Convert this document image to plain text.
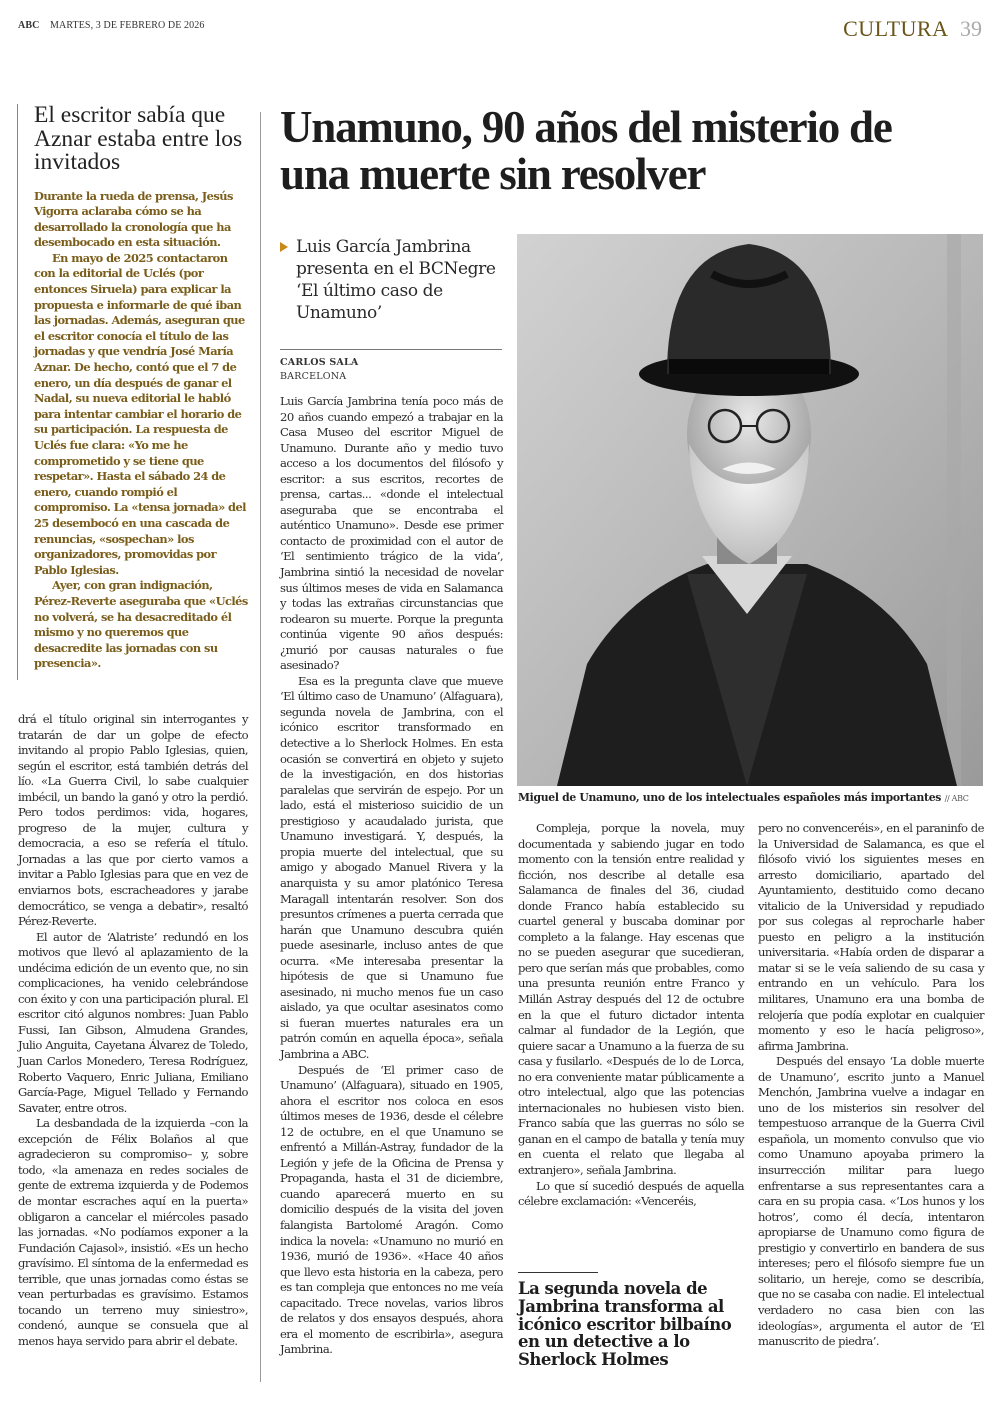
ABC MARTES, 3 DE FEBRERO DE 2026	CULTURA 39
El escritor sabía que Aznar estaba entre los invitados

Durante la rueda de prensa, Jesús Vigorra aclaraba cómo se ha desarrollado la cronología que ha desembocado en esta situación.

En mayo de 2025 contactaron con la editorial de Uclés (por entonces Siruela) para explicar la propuesta e informarle de qué iban las jornadas. Además, aseguran que el escritor conocía el título de las jornadas y que vendría José María Aznar. De hecho, contó que el 7 de enero, un día después de ganar el Nadal, su nueva editorial le habló para intentar cambiar el horario de su participación. La respuesta de Uclés fue clara: «Yo me he comprometido y se tiene que respetar». Hasta el sábado 24 de enero, cuando rompió el compromiso. La «tensa jornada» del 25 desembocó en una cascada de renuncias, «sospechan» los organizadores, promovidas por Pablo Iglesias.

Ayer, con gran indignación, Pérez-Reverte aseguraba que «Uclés no volverá, se ha desacreditado él mismo y no queremos que desacredite las jornadas con su presencia».

drá el título original sin interrogantes y tratarán de dar un golpe de efecto invitando al propio Pablo Iglesias, quien, según el escritor, está también detrás del lío. «La Guerra Civil, lo sabe cualquier imbécil, un bando la ganó y otro la perdió. Pero todos perdimos: vida, hogares, progreso de la mujer, cultura y democracia, a eso se refería el título. Jornadas a las que por cierto vamos a invitar a Pablo Iglesias para que en vez de enviarnos bots, escracheadores y jarabe democrático, se venga a debatir», resaltó Pérez-Reverte.

El autor de ‘Alatriste’ redundó en los motivos que llevó al aplazamiento de la undécima edición de un evento que, no sin complicaciones, ha venido celebrándose con éxito y con una participación plural. El escritor citó algunos nombres: Juan Pablo Fussi, Ian Gibson, Almudena Grandes, Julio Anguita, Cayetana Álvarez de Toledo, Juan Carlos Monedero, Teresa Rodríguez, Roberto Vaquero, Enric Juliana, Emiliano García-Page, Miguel Tellado y Fernando Savater, entre otros.

La desbandada de la izquierda –con la excepción de Félix Bolaños al que agradecieron su compromiso– y, sobre todo, «la amenaza en redes sociales de gente de extrema izquierda y de Podemos de montar escraches aquí en la puerta» obligaron a cancelar el miércoles pasado las jornadas. «No podíamos exponer a la Fundación Cajasol», insistió. «Es un hecho gravísimo. El síntoma de la enfermedad es terrible, que unas jornadas como éstas se vean perturbadas es gravísimo. Estamos tocando un terreno muy siniestro», condenó, aunque se consuela que al menos haya servido para abrir el debate.

Unamuno, 90 años del misterio de una muerte sin resolver
Luis García Jambrina presenta en el BCNegre ‘El último caso de Unamuno’
CARLOS SALA
BARCELONA

Luis García Jambrina tenía poco más de 20 años cuando empezó a trabajar en la Casa Museo del escritor Miguel de Unamuno. Durante año y medio tuvo acceso a los documentos del filósofo y escritor: a sus escritos, recortes de prensa, cartas... «donde el intelectual aseguraba que se encontraba el auténtico Unamuno». Desde ese primer contacto de proximidad con el autor de ‘El sentimiento trágico de la vida’, Jambrina sintió la necesidad de novelar sus últimos meses de vida en Salamanca y todas las extrañas circunstancias que rodearon su muerte. Porque la pregunta continúa vigente 90 años después: ¿murió por causas naturales o fue asesinado?

Esa es la pregunta clave que mueve ‘El último caso de Unamuno’ (Alfaguara), segunda novela de Jambrina, con el icónico escritor transformado en detective a lo Sherlock Holmes. En esta ocasión se convertirá en objeto y sujeto de la investigación, en dos historias paralelas que servirán de espejo. Por un lado, está el misterioso suicidio de un prestigioso y acaudalado jurista, que Unamuno investigará. Y, después, la propia muerte del intelectual, que su amigo y abogado Manuel Rivera y la anarquista y su amor platónico Teresa Maragall intentarán resolver. Son dos presuntos crímenes a puerta cerrada que harán que Unamuno descubra quién puede asesinarle, incluso antes de que ocurra. «Me interesaba presentar la hipótesis de que si Unamuno fue asesinado, ni mucho menos fue un caso aislado, ya que ocultar asesinatos como si fueran muertes naturales era un patrón común en aquella época», señala Jambrina a ABC.

Después de ‘El primer caso de Unamuno’ (Alfaguara), situado en 1905, ahora el escritor nos coloca en esos últimos meses de 1936, desde el célebre 12 de octubre, en el que Unamuno se enfrentó a Millán-Astray, fundador de la Legión y jefe de la Oficina de Prensa y Propaganda, hasta el 31 de diciembre, cuando aparecerá muerto en su domicilio después de la visita del joven falangista Bartolomé Aragón. Como indica la novela: «Unamuno no murió en 1936, murió de 1936». «Hace 40 años que llevo esta historia en la cabeza, pero es tan compleja que entonces no me veía capacitado. Trece novelas, varios libros de relatos y dos ensayos después, ahora era el momento de escribirla», asegura Jambrina.

Miguel de Unamuno, uno de los intelectuales españoles más importantes // ABC

Compleja, porque la novela, muy documentada y sabiendo jugar en todo momento con la tensión entre realidad y ficción, nos describe al detalle esa Salamanca de finales del 36, ciudad donde Franco había establecido su cuartel general y buscaba dominar por completo a la falange. Hay escenas que no se pueden asegurar que sucedieran, pero que serían más que probables, como una presunta reunión entre Franco y Millán Astray después del 12 de octubre en la que el futuro dictador intenta calmar al fundador de la Legión, que quiere sacar a Unamuno a la fuerza de su casa y fusilarlo. «Después de lo de Lorca, no era conveniente matar públicamente a otro intelectual, algo que las potencias internacionales no hubiesen visto bien. Franco sabía que las guerras no sólo se ganan en el campo de batalla y tenía muy en cuenta el relato que llegaba al extranjero», señala Jambrina.

Lo que sí sucedió después de aquella célebre exclamación: «Venceréis,

La segunda novela de Jambrina transforma al icónico escritor bilbaíno en un detective a lo Sherlock Holmes

pero no convenceréis», en el paraninfo de la Universidad de Salamanca, es que el filósofo vivió los siguientes meses en arresto domiciliario, apartado del Ayuntamiento, destituido como decano vitalicio de la Universidad y repudiado por sus colegas al reprocharle haber puesto en peligro a la institución universitaria. «Había orden de disparar a matar si se le veía saliendo de su casa y entrando en un vehículo. Para los militares, Unamuno era una bomba de relojería que podía explotar en cualquier momento y eso le hacía peligroso», afirma Jambrina.

Después del ensayo ‘La doble muerte de Unamuno’, escrito junto a Manuel Menchón, Jambrina vuelve a indagar en uno de los misterios sin resolver del tempestuoso arranque de la Guerra Civil española, un momento convulso que vio como Unamuno apoyaba primero la insurrección militar para luego enfrentarse a sus representantes cara a cara en su propia casa. «‘Los hunos y los hotros’, como él decía, intentaron apropiarse de Unamuno como figura de prestigio y convertirlo en bandera de sus intereses; pero el filósofo siempre fue un solitario, un hereje, como se describía, que no se casaba con nadie. El intelectual verdadero no casa bien con las ideologías», argumenta el autor de ‘El manuscrito de piedra’.
